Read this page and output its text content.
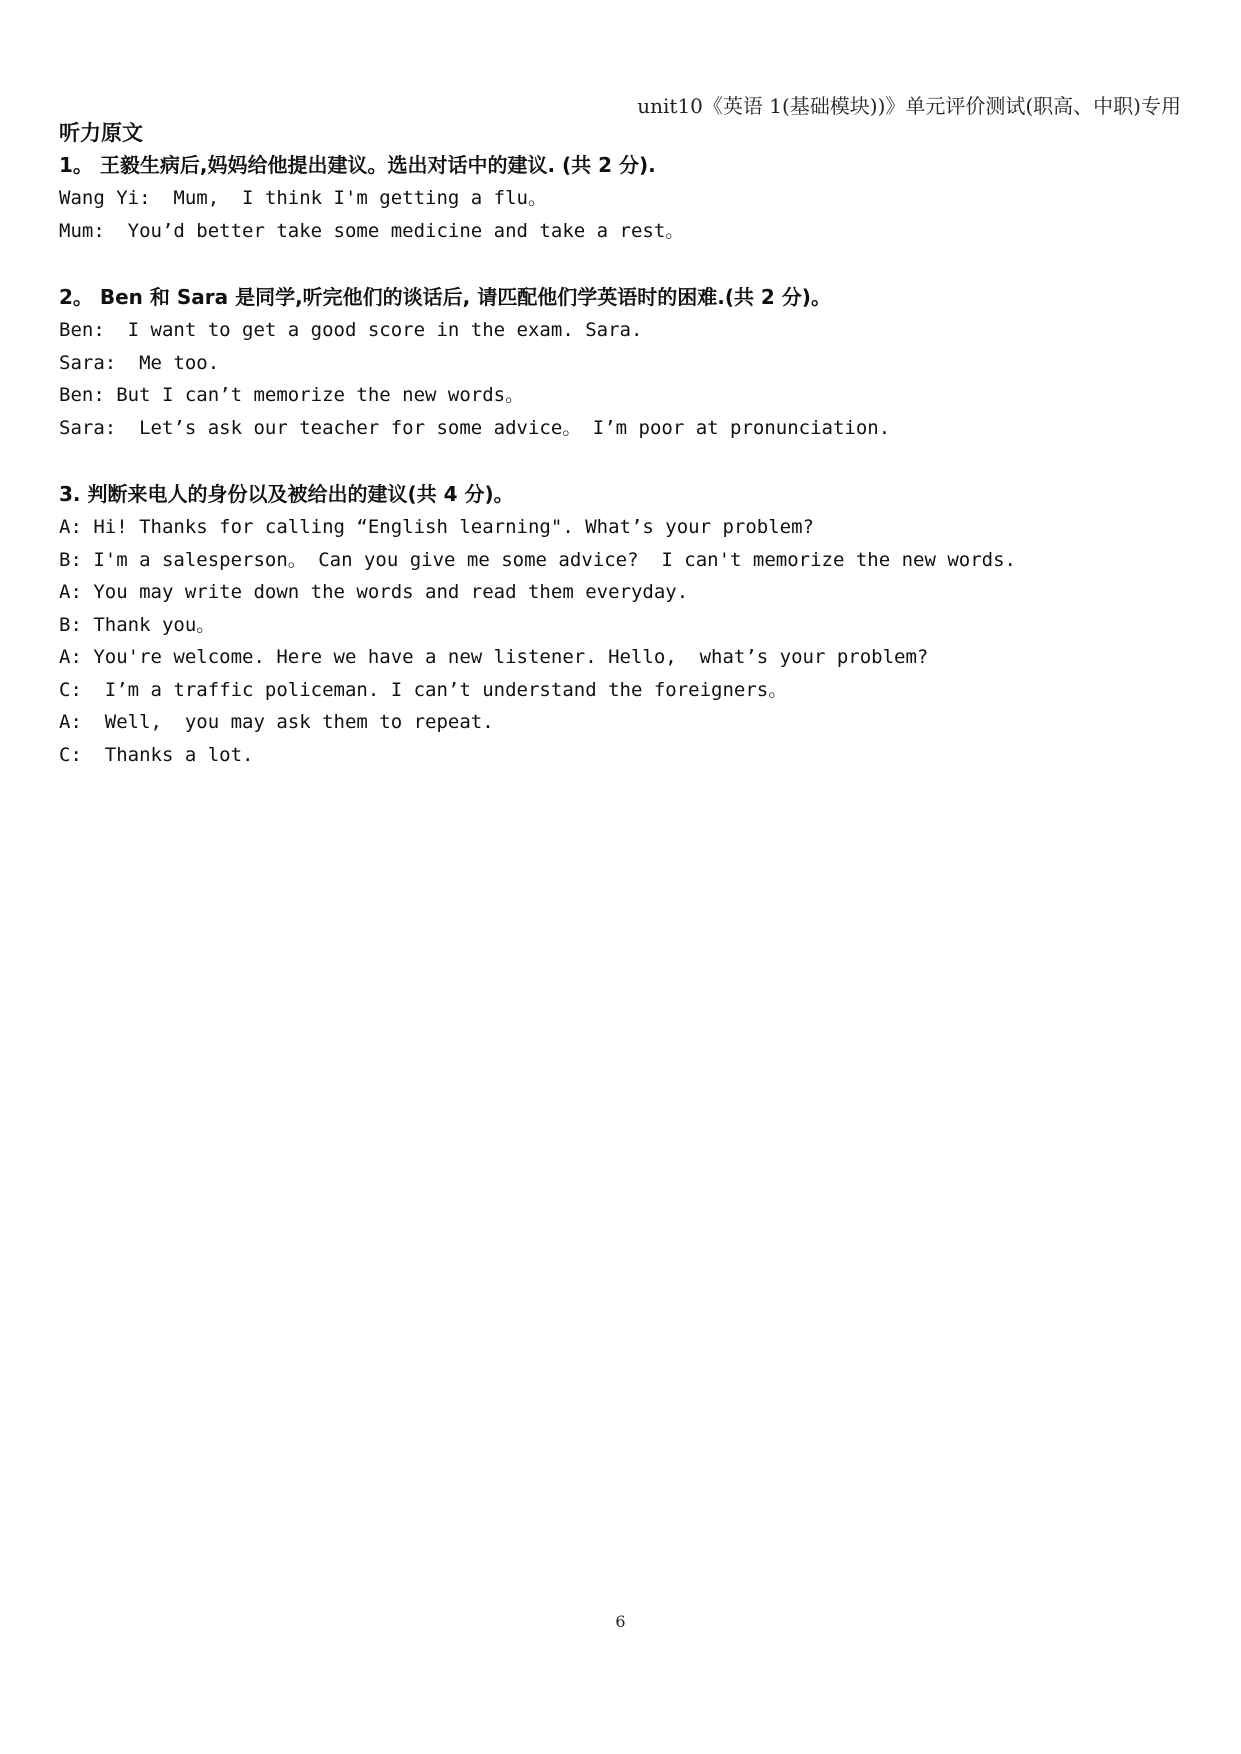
unit10《英语 1(基础模块))》单元评价测试(职高、中职)专用

听力原文

1。 王毅生病后,妈妈给他提出建议。选出对话中的建议. (共 2 分).

Wang Yi:  Mum,  I think I'm getting a flu。

Mum:  You’d better take some medicine and take a rest。

2。 Ben 和 Sara 是同学,听完他们的谈话后, 请匹配他们学英语时的困难.(共 2 分)。

Ben:  I want to get a good score in the exam. Sara.

Sara:  Me too.

Ben: But I can’t memorize the new words。

Sara:  Let’s ask our teacher for some advice。 I’m poor at pronunciation.

3. 判断来电人的身份以及被给出的建议(共 4 分)。

A: Hi! Thanks for calling “English learning". What’s your problem?

B: I'm a salesperson。 Can you give me some advice?  I can't memorize the new words.

A: You may write down the words and read them everyday.

B: Thank you。

A: You're welcome. Here we have a new listener. Hello,  what’s your problem?

C:  I’m a traffic policeman. I can’t understand the foreigners。

A:  Well,  you may ask them to repeat.

C:  Thanks a lot.

6
